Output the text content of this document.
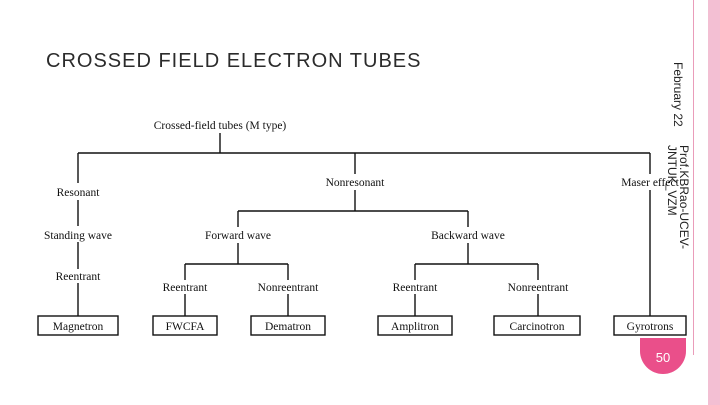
CROSSED FIELD ELECTRON TUBES
February 22
Prof.KBRao-UCEV-
JNTUK_VZM
50
Crossed-field tubes (M type)
Resonant
Nonresonant	Maser effect
Standing wave
Reentrant
Forward wave	Backward wave
Reentrant	Nonreentrant	Reentrant	Nonreentrant
Magnetron	FWCFA	Dematron	Amplitron	Carcinotron	Gyrotrons
